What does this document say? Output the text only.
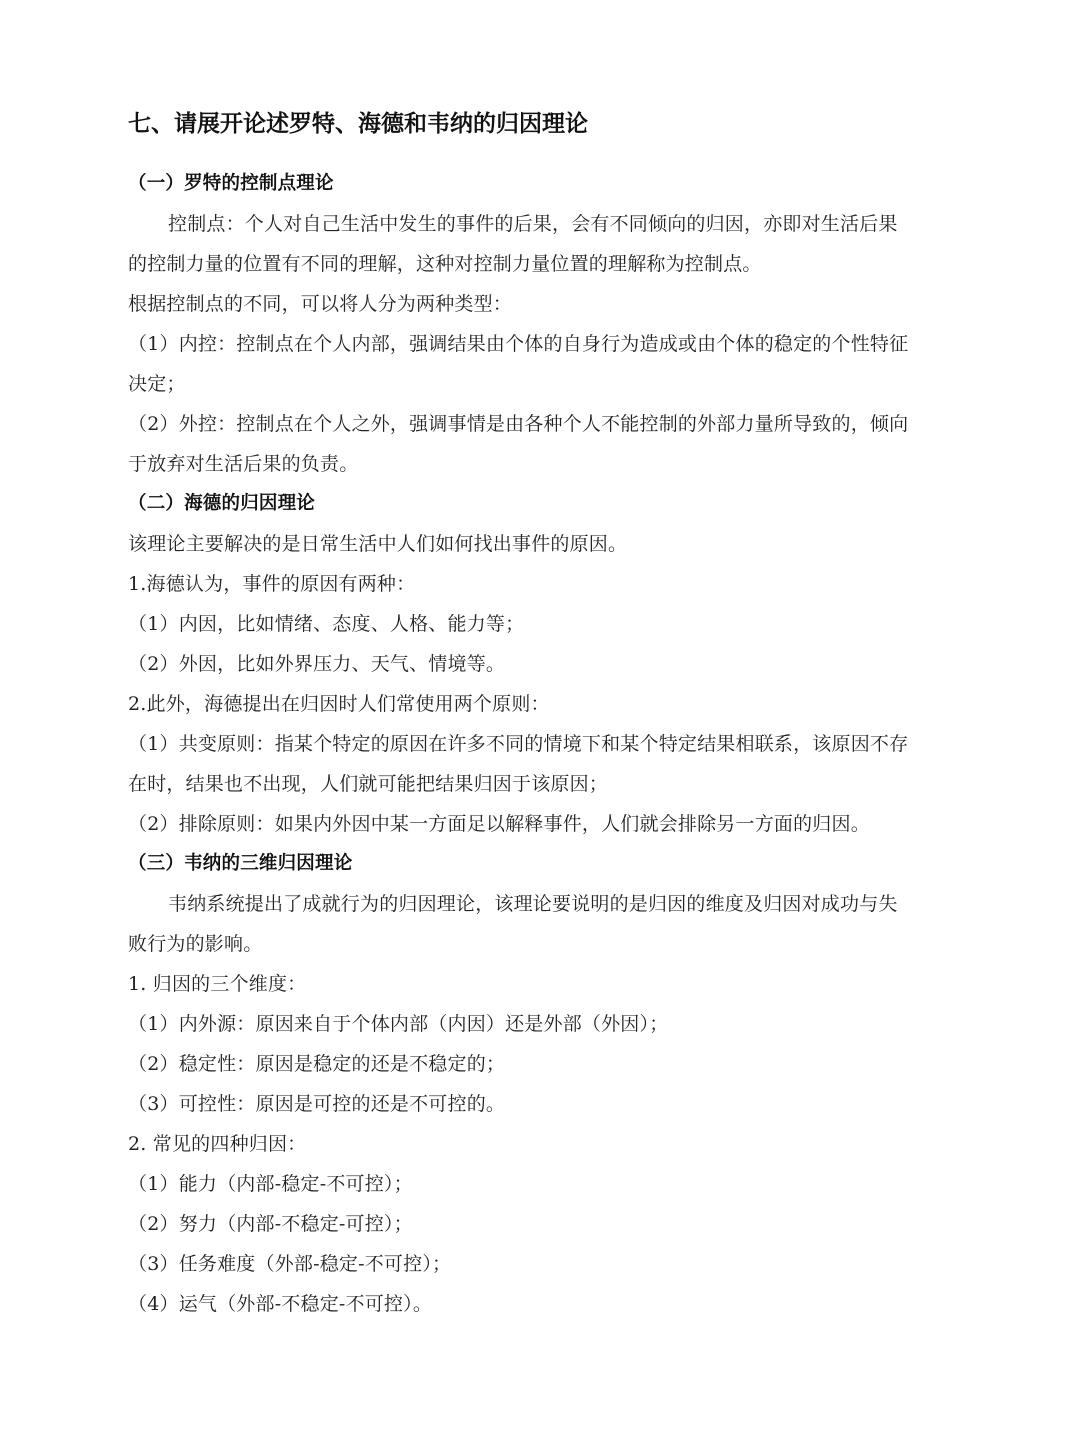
七、请展开论述罗特、海德和韦纳的归因理论
（一）罗特的控制点理论
控制点：个人对自己生活中发生的事件的后果，会有不同倾向的归因，亦即对生活后果
的控制力量的位置有不同的理解，这种对控制力量位置的理解称为控制点。
根据控制点的不同，可以将人分为两种类型：
（1）内控：控制点在个人内部，强调结果由个体的自身行为造成或由个体的稳定的个性特征
决定；
（2）外控：控制点在个人之外，强调事情是由各种个人不能控制的外部力量所导致的，倾向
于放弃对生活后果的负责。
（二）海德的归因理论
该理论主要解决的是日常生活中人们如何找出事件的原因。
1.海德认为，事件的原因有两种：
（1）内因，比如情绪、态度、人格、能力等；
（2）外因，比如外界压力、天气、情境等。
2.此外，海德提出在归因时人们常使用两个原则：
（1）共变原则：指某个特定的原因在许多不同的情境下和某个特定结果相联系，该原因不存
在时，结果也不出现，人们就可能把结果归因于该原因；
（2）排除原则：如果内外因中某一方面足以解释事件，人们就会排除另一方面的归因。
（三）韦纳的三维归因理论
韦纳系统提出了成就行为的归因理论，该理论要说明的是归因的维度及归因对成功与失
败行为的影响。
1. 归因的三个维度：
（1）内外源：原因来自于个体内部（内因）还是外部（外因）；
（2）稳定性：原因是稳定的还是不稳定的；
（3）可控性：原因是可控的还是不可控的。
2. 常见的四种归因：
（1）能力（内部-稳定-不可控）；
（2）努力（内部-不稳定-可控）；
（3）任务难度（外部-稳定-不可控）；
（4）运气（外部-不稳定-不可控）。
